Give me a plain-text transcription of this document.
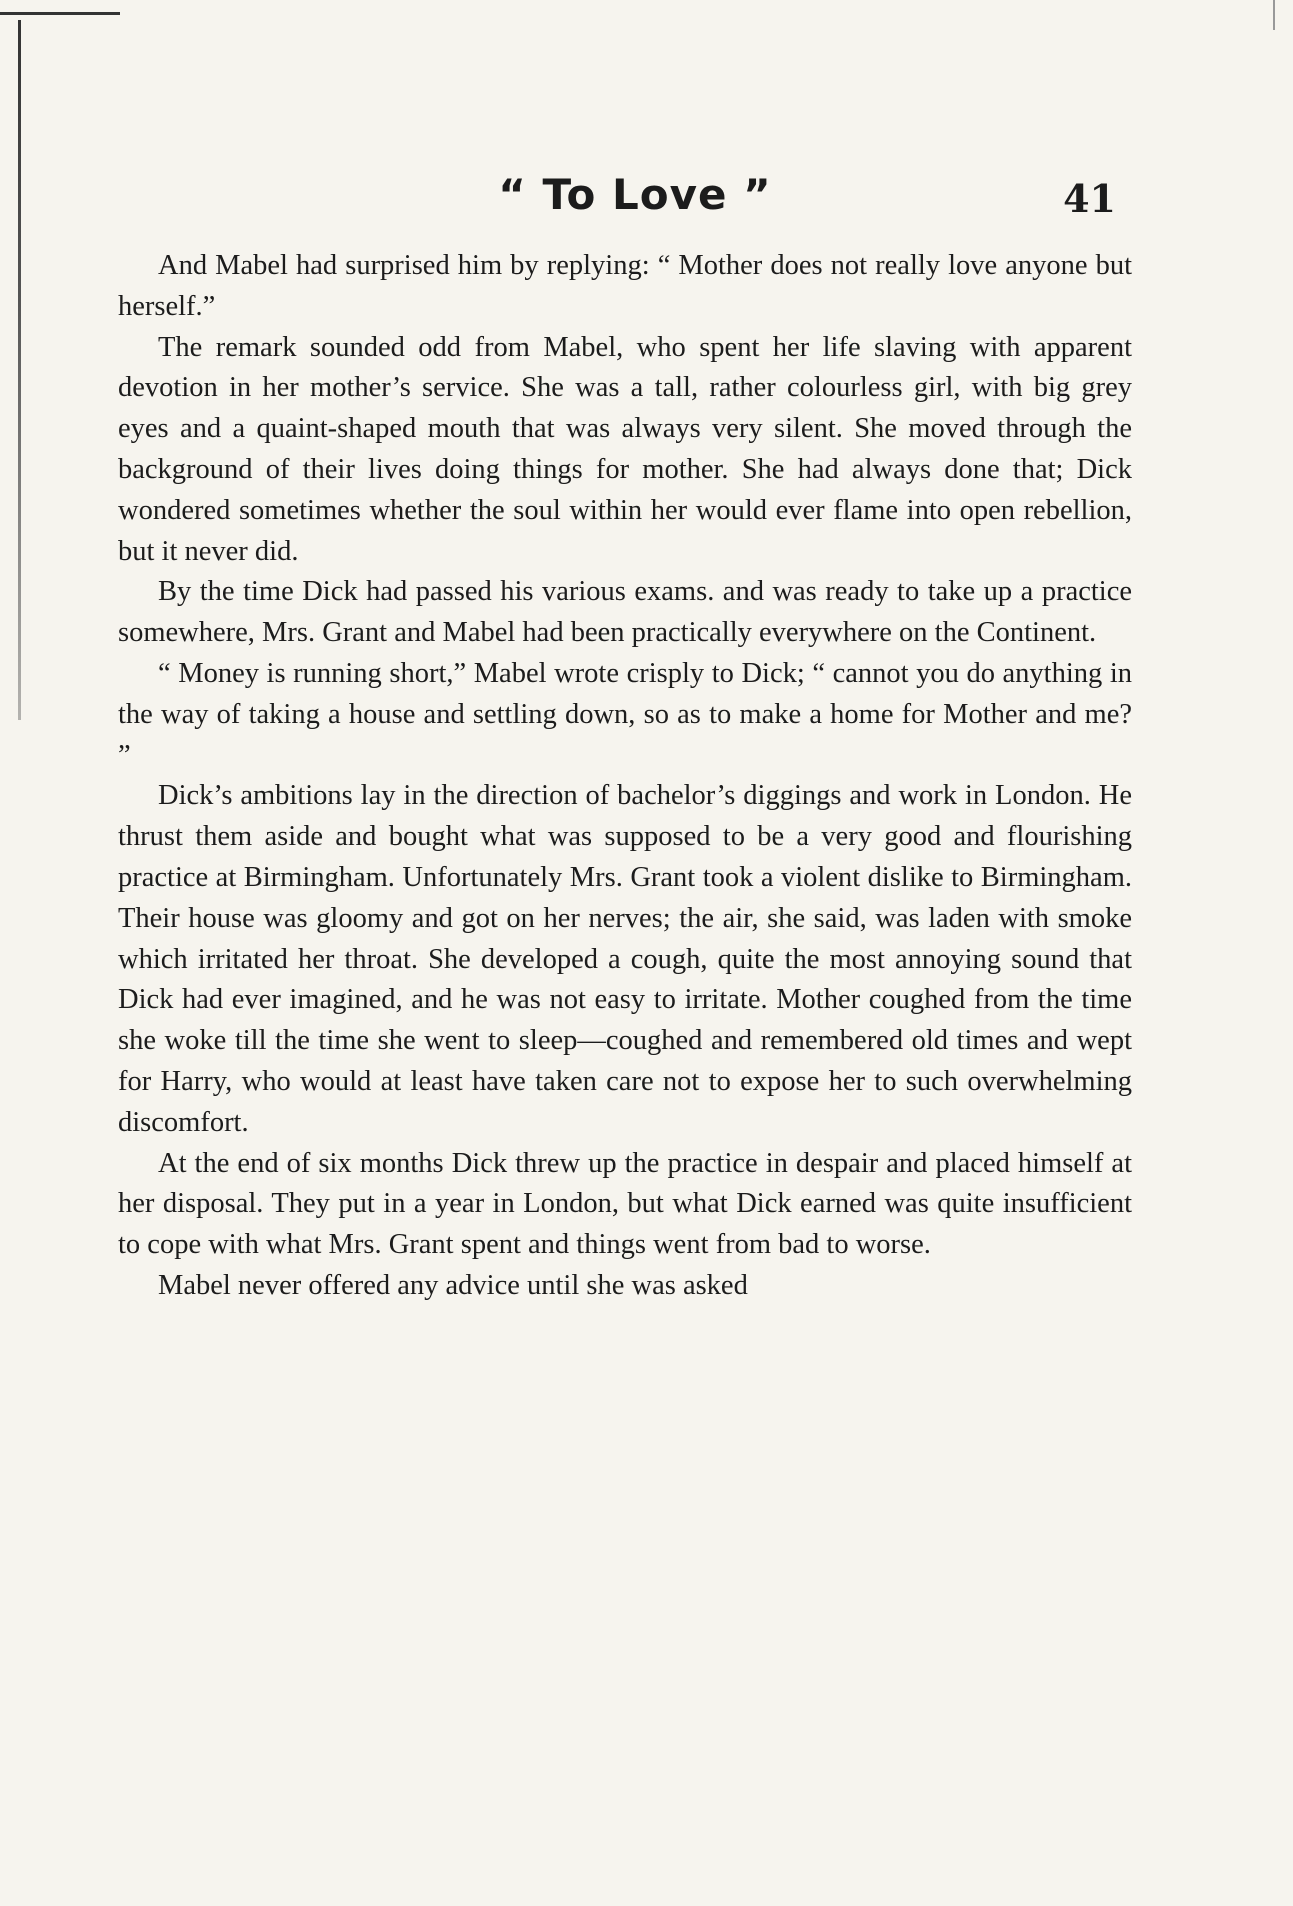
“ To Love ”	41

And Mabel had surprised him by replying: “ Mother does not really love anyone but herself.”

The remark sounded odd from Mabel, who spent her life slaving with apparent devotion in her mother’s service. She was a tall, rather colourless girl, with big grey eyes and a quaint-shaped mouth that was always very silent. She moved through the background of their lives doing things for mother. She had always done that; Dick wondered sometimes whether the soul within her would ever flame into open rebellion, but it never did.

By the time Dick had passed his various exams. and was ready to take up a practice somewhere, Mrs. Grant and Mabel had been practically everywhere on the Continent.

“ Money is running short,” Mabel wrote crisply to Dick; “ cannot you do anything in the way of taking a house and settling down, so as to make a home for Mother and me? ”

Dick’s ambitions lay in the direction of bachelor’s diggings and work in London. He thrust them aside and bought what was supposed to be a very good and flourishing practice at Birmingham. Unfortunately Mrs. Grant took a violent dislike to Birmingham. Their house was gloomy and got on her nerves; the air, she said, was laden with smoke which irritated her throat. She developed a cough, quite the most annoying sound that Dick had ever imagined, and he was not easy to irritate. Mother coughed from the time she woke till the time she went to sleep—coughed and remembered old times and wept for Harry, who would at least have taken care not to expose her to such overwhelming discomfort.

At the end of six months Dick threw up the practice in despair and placed himself at her disposal. They put in a year in London, but what Dick earned was quite insufficient to cope with what Mrs. Grant spent and things went from bad to worse.

Mabel never offered any advice until she was asked
